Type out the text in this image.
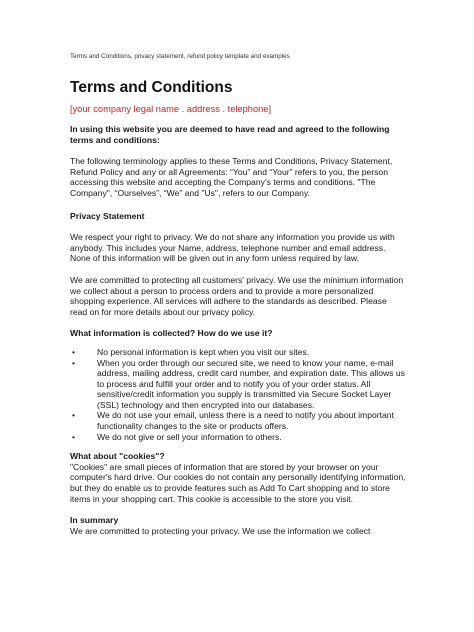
Terms and Conditions, privacy statement, refund policy template and examples
Terms and Conditions
[your company legal name . address . telephone]

In using this website you are deemed to have read and agreed to the following terms and conditions:

The following terminology applies to these Terms and Conditions, Privacy Statement, Refund Policy and any or all Agreements: “You” and “Your” refers to you, the person accessing this website and accepting the Company’s terms and conditions. "The Company", “Ourselves”, “We” and "Us", refers to our Company.

Privacy Statement

We respect your right to privacy. We do not share any information you provide us with anybody. This includes your Name, address, telephone number and email address. None of this information will be given out in any form unless required by law.

We are committed to protecting all customers' privacy. We use the minimum information we collect about a person to process orders and to provide a more personalized shopping experience. All services will adhere to the standards as described. Please read on for more details about our privacy policy.

What information is collected? How do we use it?

•	No personal information is kept when you visit our sites.
•	When you order through our secured site, we need to know your name, e-mail address, mailing address, credit card number, and expiration date. This allows us to process and fulfill your order and to notify you of your order status. All sensitive/credit information you supply is transmitted via Secure Socket Layer (SSL) technology and then encrypted into our databases.
•	We do not use your email, unless there is a need to notify you about important functionality changes to the site or products offers.
•	We do not give or sell your information to others.

What about "cookies"?

"Cookies" are small pieces of information that are stored by your browser on your computer's hard drive. Our cookies do not contain any personally identifying information, but they do enable us to provide features such as Add To Cart shopping and to store items in your shopping cart. This cookie is accessible to the store you visit.

In summary

We are committed to protecting your privacy. We use the information we collect
